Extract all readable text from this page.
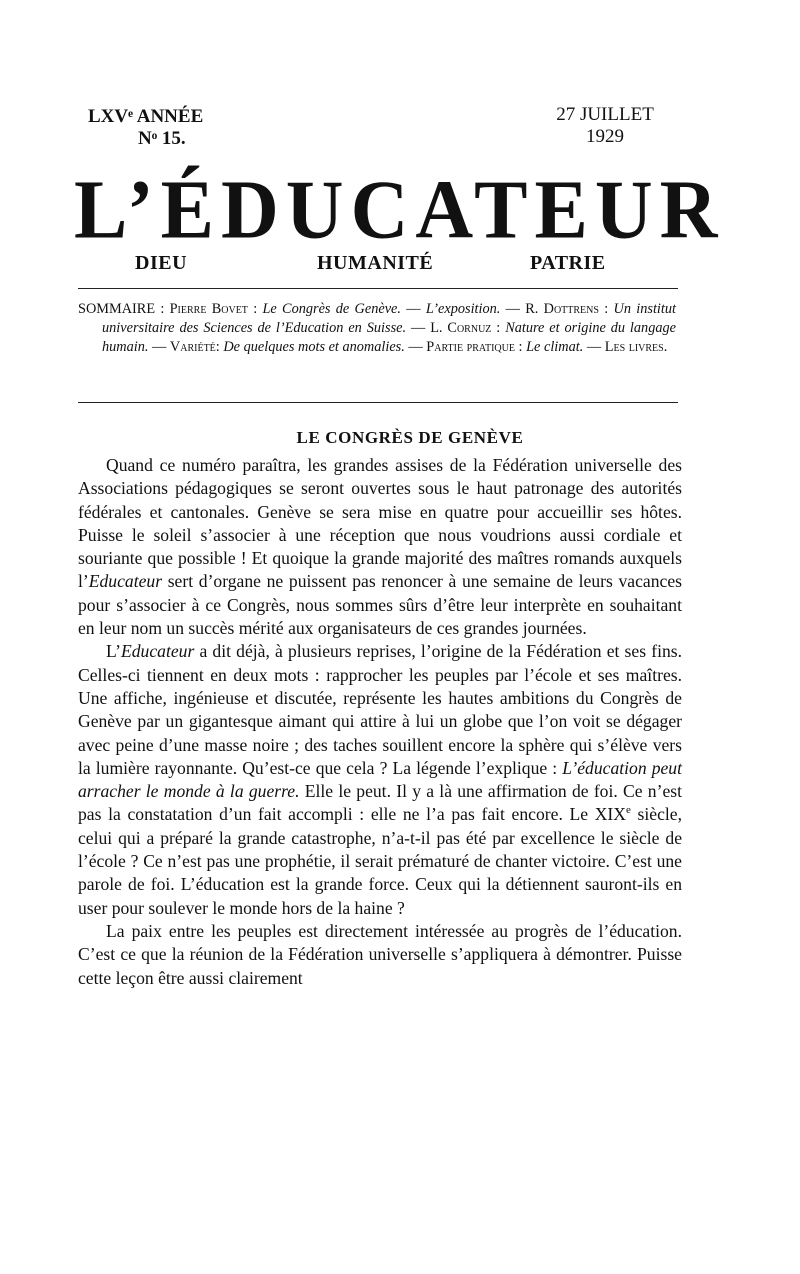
LXVᵉ ANNÉE
Nᵒ 15.
27 JUILLET
1929
L’ÉDUCATEUR
DIEU	HUMANITÉ	PATRIE
SOMMAIRE : Pierre Bovet : Le Congrès de Genève. — L’exposition. — R. Dottrens : Un institut universitaire des Sciences de l’Education en Suisse. — L. Cornuz : Nature et origine du langage humain. — Variété: De quelques mots et anomalies. — Partie pratique : Le climat. — Les livres.
LE CONGRÈS DE GENÈVE

Quand ce numéro paraîtra, les grandes assises de la Fédération universelle des Associations pédagogiques se seront ouvertes sous le haut patronage des autorités fédérales et cantonales. Genève se sera mise en quatre pour accueillir ses hôtes. Puisse le soleil s’associer à une réception que nous voudrions aussi cordiale et souriante que possible ! Et quoique la grande majorité des maîtres romands auxquels l’Educateur sert d’organe ne puissent pas renoncer à une semaine de leurs vacances pour s’associer à ce Congrès, nous sommes sûrs d’être leur interprète en souhaitant en leur nom un succès mérité aux organisateurs de ces grandes journées.

L’Educateur a dit déjà, à plusieurs reprises, l’origine de la Fédération et ses fins. Celles-ci tiennent en deux mots : rapprocher les peuples par l’école et ses maîtres. Une affiche, ingénieuse et discutée, représente les hautes ambitions du Congrès de Genève par un gigantesque aimant qui attire à lui un globe que l’on voit se dégager avec peine d’une masse noire ; des taches souillent encore la sphère qui s’élève vers la lumière rayonnante. Qu’est-ce que cela ? La légende l’explique : L’éducation peut arracher le monde à la guerre. Elle le peut. Il y a là une affirmation de foi. Ce n’est pas la constatation d’un fait accompli : elle ne l’a pas fait encore. Le XIXe siècle, celui qui a préparé la grande catastrophe, n’a-t-il pas été par excellence le siècle de l’école ? Ce n’est pas une prophétie, il serait prématuré de chanter victoire. C’est une parole de foi. L’éducation est la grande force. Ceux qui la détiennent sauront-ils en user pour soulever le monde hors de la haine ?

La paix entre les peuples est directement intéressée au progrès de l’éducation. C’est ce que la réunion de la Fédération universelle s’appliquera à démontrer. Puisse cette leçon être aussi clairement
